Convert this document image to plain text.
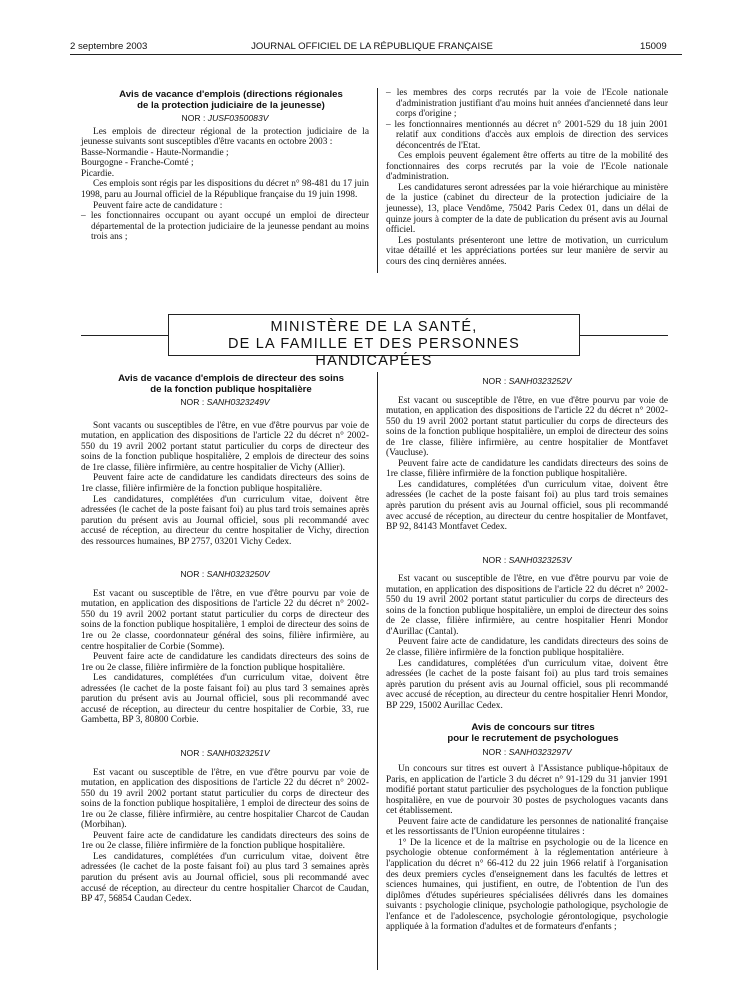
2 septembre 2003	JOURNAL OFFICIEL DE LA RÉPUBLIQUE FRANÇAISE	15009

Avis de vacance d'emplois (directions régionales

de la protection judiciaire de la jeunesse)

NOR : JUSF0350083V

Les emplois de directeur régional de la protection judiciaire de la jeunesse suivants sont susceptibles d'être vacants en octobre 2003 :

Basse-Normandie - Haute-Normandie ;

Bourgogne - Franche-Comté ;

Picardie.

Ces emplois sont régis par les dispositions du décret n° 98-481 du 17 juin 1998, paru au Journal officiel de la République française du 19 juin 1998.

Peuvent faire acte de candidature :

– les fonctionnaires occupant ou ayant occupé un emploi de directeur départemental de la protection judiciaire de la jeunesse pendant au moins trois ans ;

– les membres des corps recrutés par la voie de l'Ecole nationale d'administration justifiant d'au moins huit années d'ancienneté dans leur corps d'origine ;

– les fonctionnaires mentionnés au décret n° 2001-529 du 18 juin 2001 relatif aux conditions d'accès aux emplois de direction des services déconcentrés de l'Etat.

Ces emplois peuvent également être offerts au titre de la mobilité des fonctionnaires des corps recrutés par la voie de l'Ecole nationale d'administration.

Les candidatures seront adressées par la voie hiérarchique au ministère de la justice (cabinet du directeur de la protection judiciaire de la jeunesse), 13, place Vendôme, 75042 Paris Cedex 01, dans un délai de quinze jours à compter de la date de publication du présent avis au Journal officiel.

Les postulants présenteront une lettre de motivation, un curriculum vitae détaillé et les appréciations portées sur leur manière de servir au cours des cinq dernières années.

MINISTÈRE DE LA SANTÉ,
DE LA FAMILLE ET DES PERSONNES HANDICAPÉES

Avis de vacance d'emplois de directeur des soins

de la fonction publique hospitalière

NOR : SANH0323249V

Sont vacants ou susceptibles de l'être, en vue d'être pourvus par voie de mutation, en application des dispositions de l'article 22 du décret n° 2002-550 du 19 avril 2002 portant statut particulier du corps de directeur des soins de la fonction publique hospitalière, 2 emplois de directeur des soins de 1re classe, filière infirmière, au centre hospitalier de Vichy (Allier).

Peuvent faire acte de candidature les candidats directeurs des soins de 1re classe, filière infirmière de la fonction publique hospitalière.

Les candidatures, complétées d'un curriculum vitae, doivent être adressées (le cachet de la poste faisant foi) au plus tard trois semaines après parution du présent avis au Journal officiel, sous pli recommandé avec accusé de réception, au directeur du centre hospitalier de Vichy, direction des ressources humaines, BP 2757, 03201 Vichy Cedex.

NOR : SANH0323250V

Est vacant ou susceptible de l'être, en vue d'être pourvu par voie de mutation, en application des dispositions de l'article 22 du décret n° 2002-550 du 19 avril 2002 portant statut particulier du corps de directeur des soins de la fonction publique hospitalière, 1 emploi de directeur des soins de 1re ou 2e classe, coordonnateur général des soins, filière infirmière, au centre hospitalier de Corbie (Somme).

Peuvent faire acte de candidature les candidats directeurs des soins de 1re ou 2e classe, filière infirmière de la fonction publique hospitalière.

Les candidatures, complétées d'un curriculum vitae, doivent être adressées (le cachet de la poste faisant foi) au plus tard 3 semaines après parution du présent avis au Journal officiel, sous pli recommandé avec accusé de réception, au directeur du centre hospitalier de Corbie, 33, rue Gambetta, BP 3, 80800 Corbie.

NOR : SANH0323251V

Est vacant ou susceptible de l'être, en vue d'être pourvu par voie de mutation, en application des dispositions de l'article 22 du décret n° 2002-550 du 19 avril 2002 portant statut particulier du corps de directeur des soins de la fonction publique hospitalière, 1 emploi de directeur des soins de 1re ou 2e classe, filière infirmière, au centre hospitalier Charcot de Caudan (Morbihan).

Peuvent faire acte de candidature les candidats directeurs des soins de 1re ou 2e classe, filière infirmière de la fonction publique hospitalière.

Les candidatures, complétées d'un curriculum vitae, doivent être adressées (le cachet de la poste faisant foi) au plus tard 3 semaines après parution du présent avis au Journal officiel, sous pli recommandé avec accusé de réception, au directeur du centre hospitalier Charcot de Caudan, BP 47, 56854 Caudan Cedex.

NOR : SANH0323252V

Est vacant ou susceptible de l'être, en vue d'être pourvu par voie de mutation, en application des dispositions de l'article 22 du décret n° 2002-550 du 19 avril 2002 portant statut particulier du corps de directeurs des soins de la fonction publique hospitalière, un emploi de directeur des soins de 1re classe, filière infirmière, au centre hospitalier de Montfavet (Vaucluse).

Peuvent faire acte de candidature les candidats directeurs des soins de 1re classe, filière infirmière de la fonction publique hospitalière.

Les candidatures, complétées d'un curriculum vitae, doivent être adressées (le cachet de la poste faisant foi) au plus tard trois semaines après parution du présent avis au Journal officiel, sous pli recommandé avec accusé de réception, au directeur du centre hospitalier de Montfavet, BP 92, 84143 Montfavet Cedex.

NOR : SANH0323253V

Est vacant ou susceptible de l'être, en vue d'être pourvu par voie de mutation, en application des dispositions de l'article 22 du décret n° 2002-550 du 19 avril 2002 portant statut particulier du corps de directeurs des soins de la fonction publique hospitalière, un emploi de directeur des soins de 2e classe, filière infirmière, au centre hospitalier Henri Mondor d'Aurillac (Cantal).

Peuvent faire acte de candidature, les candidats directeurs des soins de 2e classe, filière infirmière de la fonction publique hospitalière.

Les candidatures, complétées d'un curriculum vitae, doivent être adressées (le cachet de la poste faisant foi) au plus tard trois semaines après parution du présent avis au Journal officiel, sous pli recommandé avec accusé de réception, au directeur du centre hospitalier Henri Mondor, BP 229, 15002 Aurillac Cedex.

Avis de concours sur titres

pour le recrutement de psychologues

NOR : SANH0323297V

Un concours sur titres est ouvert à l'Assistance publique-hôpitaux de Paris, en application de l'article 3 du décret n° 91-129 du 31 janvier 1991 modifié portant statut particulier des psychologues de la fonction publique hospitalière, en vue de pourvoir 30 postes de psychologues vacants dans cet établissement.

Peuvent faire acte de candidature les personnes de nationalité française et les ressortissants de l'Union européenne titulaires :

1° De la licence et de la maîtrise en psychologie ou de la licence en psychologie obtenue conformément à la réglementation antérieure à l'application du décret n° 66-412 du 22 juin 1966 relatif à l'organisation des deux premiers cycles d'enseignement dans les facultés de lettres et sciences humaines, qui justifient, en outre, de l'obtention de l'un des diplômes d'études supérieures spécialisées délivrés dans les domaines suivants : psychologie clinique, psychologie pathologique, psychologie de l'enfance et de l'adolescence, psychologie gérontologique, psychologie appliquée à la formation d'adultes et de formateurs d'enfants ;
